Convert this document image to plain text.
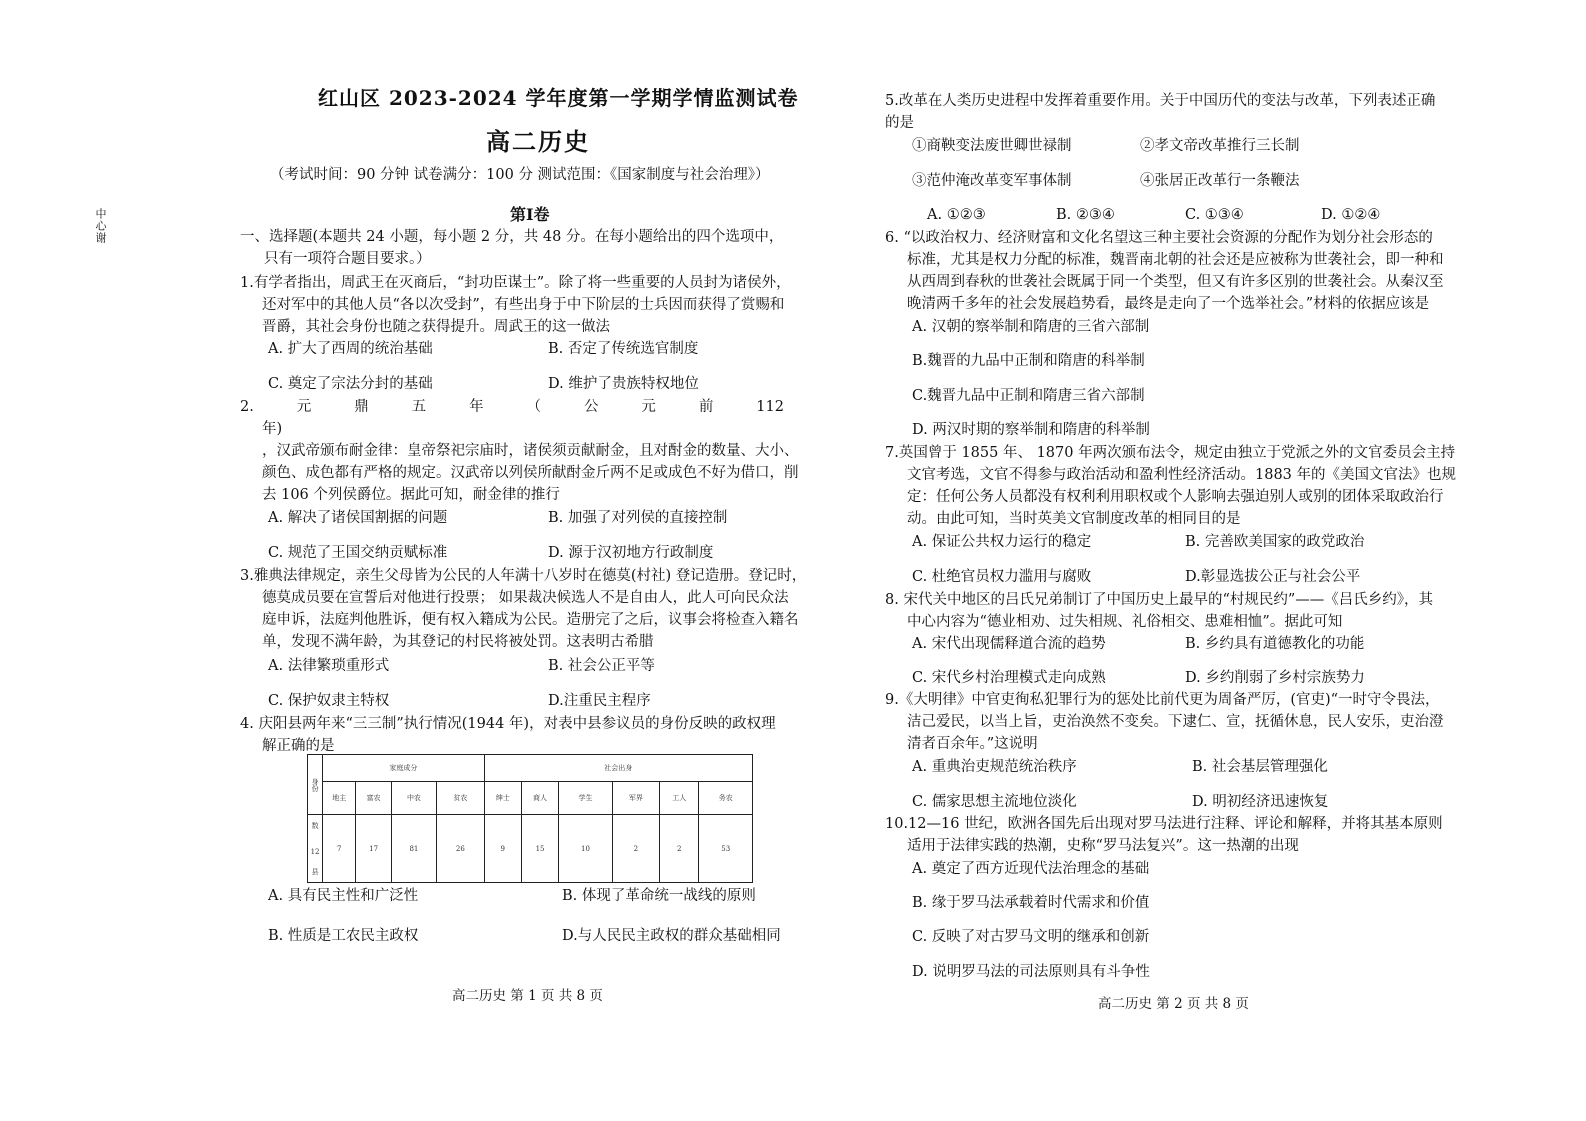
中心谢
红山区 2023-2024 学年度第一学期学情监测试卷
高二历史
（考试时间：90 分钟 试卷满分：100 分 测试范围：《国家制度与社会治理》）
第Ⅰ卷
一、选择题(本题共 24 小题，每小题 2 分，共 48 分。在每小题给出的四个选项中，
只有一项符合题目要求。）
1.有学者指出，周武王在灭商后，“封功臣谋士”。除了将一些重要的人员封为诸侯外，
还对军中的其他人员“各以次受封”，有些出身于中下阶层的士兵因而获得了赏赐和
晋爵，其社会身份也随之获得提升。周武王的这一做法
A. 扩大了西周的统治基础	B. 否定了传统选官制度
C. 奠定了宗法分封的基础	D. 维护了贵族特权地位
2.	元	鼎	五	年	（	公	元	前	112
年)
，汉武帝颁布耐金律：皇帝祭祀宗庙时，诸侯须贡献耐金，且对酎金的数量、大小、
颜色、成色都有严格的规定。汉武帝以列侯所献酎金斤两不足或成色不好为借口，削
去 106 个列侯爵位。据此可知，耐金律的推行
A. 解决了诸侯国割据的问题	B. 加强了对列侯的直接控制
C. 规范了王国交纳贡赋标准	D. 源于汉初地方行政制度
3.雅典法律规定，亲生父母皆为公民的人年满十八岁时在德莫(村社) 登记造册。登记时，
德莫成员要在宣誓后对他进行投票； 如果裁决候选人不是自由人，此人可向民众法
庭申诉，法庭判他胜诉，便有权入籍成为公民。造册完了之后，议事会将检查入籍名
单，发现不满年龄，为其登记的村民将被处罚。这表明古希腊
A. 法律繁琐重形式	B. 社会公正平等
C. 保护奴隶主特权	D.注重民主程序
4. 庆阳县两年来“三三制”执行情况(1944 年)，对表中县参议员的身份反映的政权理
解正确的是
身份	家庭成分				社会出身					
	地主	富农	中农	贫农	绅士	商人	学生	军界	工人	务农

数
12
县	7	17	81	26	9	15	10	2	2	53
A. 具有民主性和广泛性	B. 体现了革命统一战线的原则
B. 性质是工农民主政权	D.与人民民主政权的群众基础相同
高二历史 第 1 页 共 8 页
5.改革在人类历史进程中发挥着重要作用。关于中国历代的变法与改革，下列表述正确
的是
①商鞅变法废世卿世禄制	②孝文帝改革推行三长制
③范仲淹改革变军事体制	④张居正改革行一条鞭法
A. ①②③	B. ②③④	C. ①③④	D. ①②④
6. “以政治权力、经济财富和文化名望这三种主要社会资源的分配作为划分社会形态的
标准，尤其是权力分配的标准，魏晋南北朝的社会还是应被称为世袭社会，即一种和
从西周到春秋的世袭社会既属于同一个类型，但又有许多区别的世袭社会。从秦汉至
晚清两千多年的社会发展趋势看，最终是走向了一个选举社会。”材料的依据应该是
A. 汉朝的察举制和隋唐的三省六部制
B.魏晋的九品中正制和隋唐的科举制
C.魏晋九品中正制和隋唐三省六部制
D. 两汉时期的察举制和隋唐的科举制
7.英国曾于 1855 年、 1870 年两次颁布法令，规定由独立于党派之外的文官委员会主持
文官考选，文官不得参与政治活动和盈利性经济活动。1883 年的《美国文官法》也规
定：任何公务人员都没有权利利用职权或个人影响去强迫别人或别的团体采取政治行
动。由此可知，当时英美文官制度改革的相同目的是
A. 保证公共权力运行的稳定	B. 完善欧美国家的政党政治
C. 杜绝官员权力滥用与腐败	D.彰显选拔公正与社会公平
8. 宋代关中地区的吕氏兄弟制订了中国历史上最早的“村规民约”——《吕氏乡约》，其
中心内容为“德业相劝、过失相规、礼俗相交、患难相恤”。据此可知
A. 宋代出现儒释道合流的趋势	B. 乡约具有道德教化的功能
C. 宋代乡村治理模式走向成熟	D. 乡约削弱了乡村宗族势力
9.《大明律》中官吏徇私犯罪行为的惩处比前代更为周备严厉，(官吏)“一时守令畏法，
洁己爱民，以当上旨，吏治涣然不变矣。下逮仁、宣，抚循休息，民人安乐，吏治澄
清者百余年。”这说明
A. 重典治吏规范统治秩序	B. 社会基层管理强化
C. 儒家思想主流地位淡化	D. 明初经济迅速恢复
10.12—16 世纪，欧洲各国先后出现对罗马法进行注释、评论和解释，并将其基本原则
适用于法律实践的热潮，史称“罗马法复兴”。这一热潮的出现
A. 奠定了西方近现代法治理念的基础
B. 缘于罗马法承载着时代需求和价值
C. 反映了对古罗马文明的继承和创新
D. 说明罗马法的司法原则具有斗争性
高二历史 第 2 页 共 8 页
